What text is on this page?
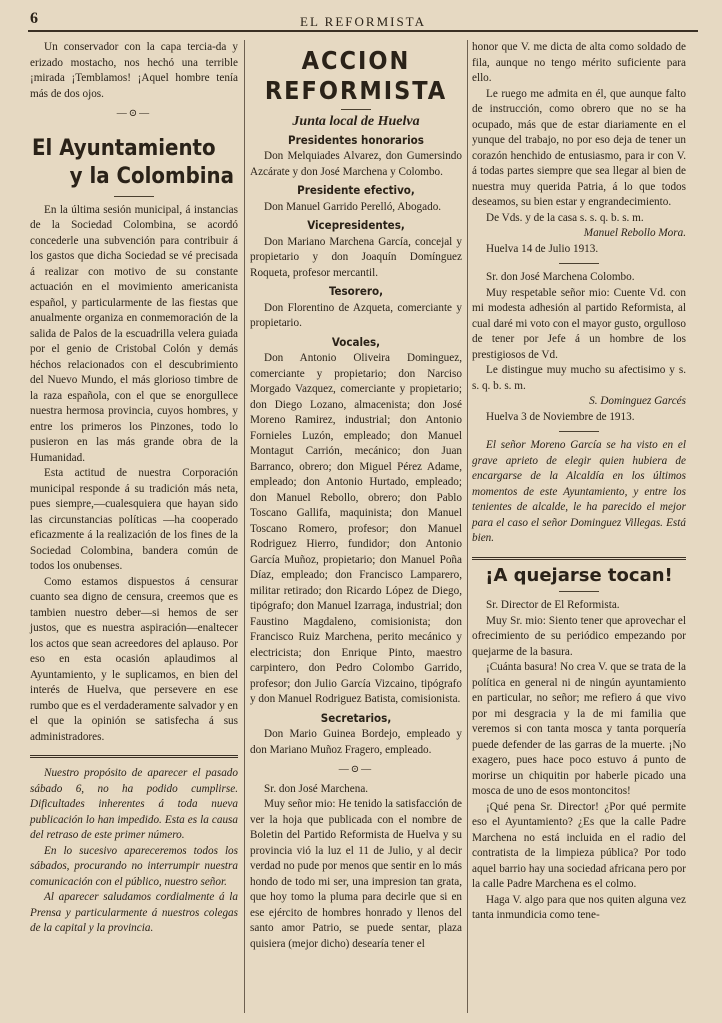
6	EL REFORMISTA

Un conservador con la capa tercia-da y erizado mostacho, nos hechó una terrible ¡mirada ¡Temblamos! ¡Aquel hombre tenía más de dos ojos.

—⊙—

El Ayuntamiento

y la Colombina

En la última sesión municipal, á instancias de la Sociedad Colombina, se acordó concederle una subvención para contribuir á los gastos que dicha Sociedad se vé precisada á realizar con motivo de su constante actuación en el movimiento americanista español, y particularmente de las fiestas que anualmente organiza en conmemoración de la salida de Palos de la escuadrilla velera guiada por el genio de Cristobal Colón y demás héchos relacionados con el descubrimiento del Nuevo Mundo, el más glorioso timbre de la raza española, con el que se enorgullece nuestra hermosa provincia, cuyos hombres, y entre los primeros los Pinzones, todo lo pusieron en las más grande obra de la Humanidad.

Esta actitud de nuestra Corporación municipal responde á su tradición más neta, pues siempre,—cualesquiera que hayan sido las circunstancias políticas —ha cooperado eficazmente á la realización de los fines de la Sociedad Colombina, bandera común de todos los onubenses.

Como estamos dispuestos á censurar cuanto sea digno de censura, creemos que es tambien nuestro deber—si hemos de ser justos, que es nuestra aspiración—enaltecer los actos que sean acreedores del aplauso. Por eso en esta ocasión aplaudimos al Ayuntamiento, y le suplicamos, en bien del interés de Huelva, que persevere en ese rumbo que es el verdaderamente salvador y en el que la opinión se satisfecha á sus administradores.

Nuestro propósito de aparecer el pasado sábado 6, no ha podido cumplirse. Dificultades inherentes á toda nueva publicación lo han impedido. Esta es la causa del retraso de este primer número.

En lo sucesivo apareceremos todos los sábados, procurando no interrumpir nuestra comunicación con el público, nuestro señor.

Al aparecer saludamos cordialmente á la Prensa y particularmente á nuestros colegas de la capital y la provincia.

ACCION REFORMISTA

Junta local de Huelva

Presidentes honorarios

Don Melquiades Alvarez, don Gumersindo Azcárate y don José Marchena y Colombo.

Presidente efectivo,

Don Manuel Garrido Perelló, Abogado.

Vicepresidentes,

Don Mariano Marchena García, concejal y propietario y don Joaquín Domínguez Roqueta, profesor mercantil.

Tesorero,

Don Florentino de Azqueta, comerciante y propietario.

Vocales,

Don Antonio Oliveira Dominguez, comerciante y propietario; don Narciso Morgado Vazquez, comerciante y propietario; don Diego Lozano, almacenista; don José Moreno Ramirez, industrial; don Antonio Fornieles Luzón, empleado; don Manuel Montagut Carrión, mecánico; don Juan Barranco, obrero; don Miguel Pérez Adame, empleado; don Antonio Hurtado, empleado; don Manuel Rebollo, obrero; don Pablo Toscano Gallifa, maquinista; don Manuel Toscano Romero, profesor; don Manuel Rodriguez Hierro, fundidor; don Antonio García Muñoz, propietario; don Manuel Poña Díaz, empleado; don Francisco Lamparero, militar retirado; don Ricardo López de Diego, tipógrafo; don Manuel Izarraga, industrial; don Faustino Magdaleno, comisionista; don Francisco Ruiz Marchena, perito mecánico y electricista; don Enrique Pinto, maestro carpintero, don Pedro Colombo Garrido, profesor; don Julio García Vizcaino, tipógrafo y don Manuel Rodriguez Batista, comisionista.

Secretarios,

Don Mario Guinea Bordejo, empleado y don Mariano Muñoz Fragero, empleado.

—⊙—

Sr. don José Marchena.

Muy señor mio: He tenido la satisfacción de ver la hoja que publicada con el nombre de Boletin del Partido Reformista de Huelva y su provincia vió la luz el 11 de Julio, y al decir verdad no pude por menos que sentir en lo más hondo de todo mi ser, una impresion tan grata, que hoy tomo la pluma para decirle que si en ese ejército de hombres honrado y llenos del santo amor Patrio, se puede sentar, plaza quisiera (mejor dicho) desearía tener el

honor que V. me dicta de alta como soldado de fila, aunque no tengo mérito suficiente para ello.

Le ruego me admita en él, que aunque falto de instrucción, como obrero que no se ha ocupado, más que de estar diariamente en el yunque del trabajo, no por eso deja de tener un corazón henchido de entusiasmo, para ir con V. á todas partes siempre que sea llegar al bien de nuestra muy querida Patria, á lo que todos deseamos, su bien estar y engrandecimiento.

De Vds. y de la casa s. s. q. b. s. m.

Manuel Rebollo Mora.

Huelva 14 de Julio 1913.

Sr. don José Marchena Colombo.

Muy respetable señor mio: Cuente Vd. con mi modesta adhesión al partido Reformista, al cual daré mi voto con el mayor gusto, orgulloso de tener por Jefe á un hombre de los prestigiosos de Vd.

Le distingue muy mucho su afectisimo y s. s. q. b. s. m.

S. Dominguez Garcés

Huelva 3 de Noviembre de 1913.

El señor Moreno García se ha visto en el grave aprieto de elegir quien hubiera de encargarse de la Alcaldía en los últimos momentos de este Ayuntamiento, y entre los tenientes de alcalde, le ha parecido el mejor para el caso el señor Dominguez Villegas. Está bien.

¡A quejarse tocan!

Sr. Director de El Reformista.

Muy Sr. mio: Siento tener que aprovechar el ofrecimiento de su periódico empezando por quejarme de la basura.

¡Cuánta basura! No crea V. que se trata de la política en general ni de ningún ayuntamiento en particular, no señor; me refiero á que vivo por mi desgracia y la de mi familia que veremos si con tanta mosca y tanta porquería puede defender de las garras de la muerte. ¡No exagero, pues hace poco estuvo á punto de morirse un chiquitin por haberle picado una mosca de uno de esos montoncitos!

¡Qué pena Sr. Director! ¿Por qué permite eso el Ayuntamiento? ¿Es que la calle Padre Marchena no está incluida en el radio del contratista de la limpieza pública? Por todo aquel barrio hay una sociedad africana pero por la calle Padre Marchena es el colmo.

Haga V. algo para que nos quiten alguna vez tanta inmundicia como tene-
